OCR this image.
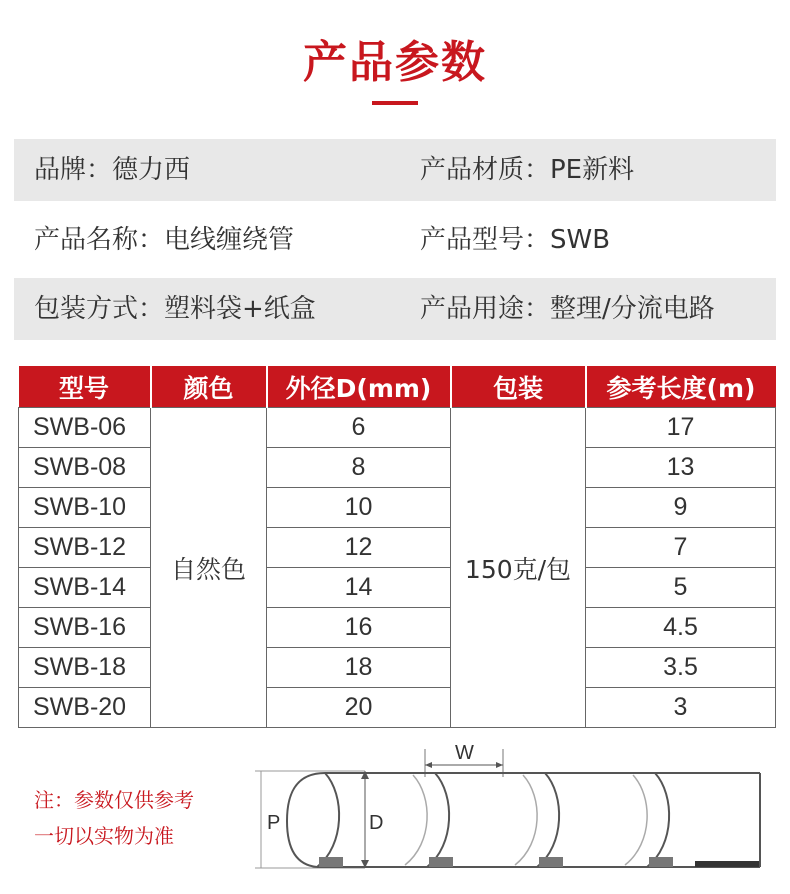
产品参数
品牌：德力西	产品材质：PE新料
产品名称：电线缠绕管	产品型号：SWB
包装方式：塑料袋+纸盒	产品用途：整理/分流电路
型号	颜色	外径D(mm)	包装	参考长度(m)
SWB-06	自然色	6	150克/包	17
SWB-08		8		13
SWB-10		10		9
SWB-12		12		7
SWB-14		14		5
SWB-16		16		4.5
SWB-18		18		3.5
SWB-20		20		3
注：参数仅供参考
一切以实物为准
P	D
W
